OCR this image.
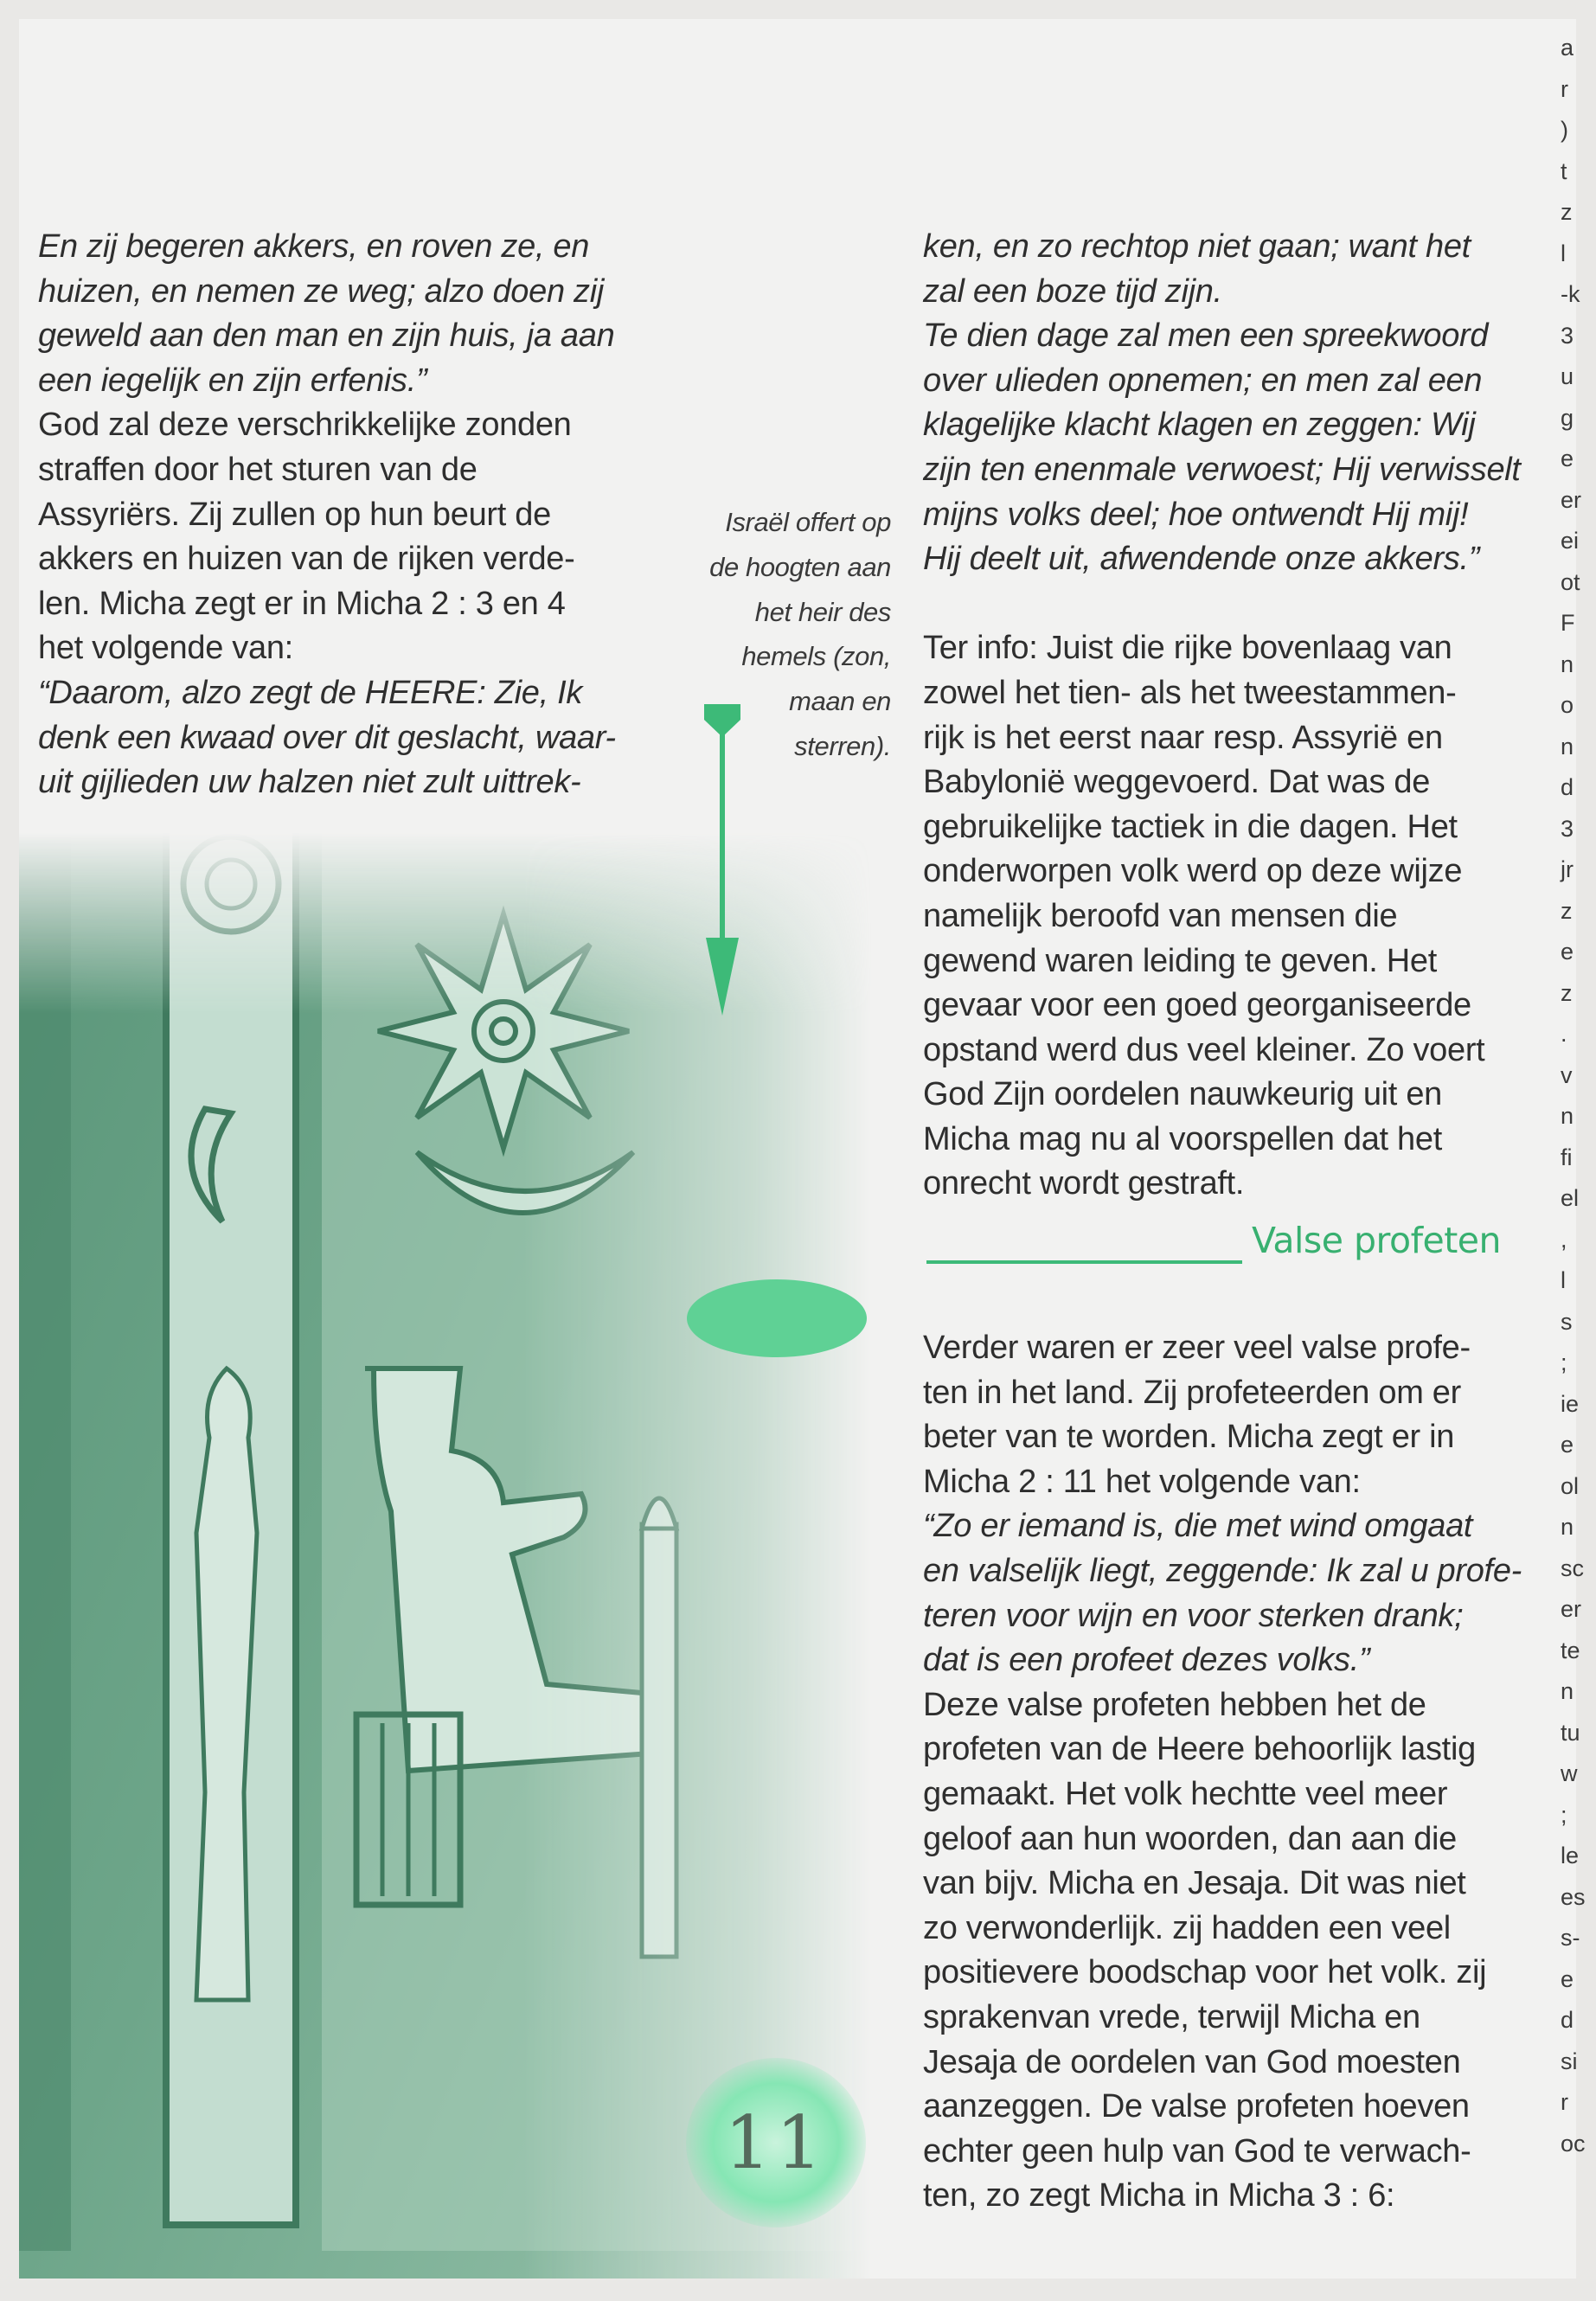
En zij begeren akkers, en roven ze, en
huizen, en nemen ze weg; alzo doen zij
geweld aan den man en zijn huis, ja aan
een iegelijk en zijn erfenis.”

God zal deze verschrikkelijke zonden
straffen door het sturen van de
Assyriërs. Zij zullen op hun beurt de
akkers en huizen van de rijken verde-
len. Micha zegt er in Micha 2 : 3 en 4
het volgende van:

“Daarom, alzo zegt de HEERE: Zie, Ik
denk een kwaad over dit geslacht, waar-
uit gijlieden uw halzen niet zult uittrek-

Israël offert op
de hoogten aan
het heir des
hemels (zon,
maan en
sterren).

ken, en zo rechtop niet gaan; want het
zal een boze tijd zijn.
Te dien dage zal men een spreekwoord
over ulieden opnemen; en men zal een
klagelijke klacht klagen en zeggen: Wij
zijn ten enenmale verwoest; Hij verwisselt
mijns volks deel; hoe ontwendt Hij mij!
Hij deelt uit, afwendende onze akkers.”

Ter info: Juist die rijke bovenlaag van
zowel het tien- als het tweestammen-
rijk is het eerst naar resp. Assyrië en
Babylonië weggevoerd. Dat was de
gebruikelijke tactiek in die dagen. Het
onderworpen volk werd op deze wijze
namelijk beroofd van mensen die
gewend waren leiding te geven. Het
gevaar voor een goed georganiseerde
opstand werd dus veel kleiner. Zo voert
God Zijn oordelen nauwkeurig uit en
Micha mag nu al voorspellen dat het
onrecht wordt gestraft.

Valse profeten

Verder waren er zeer veel valse profe-
ten in het land. Zij profeteerden om er
beter van te worden. Micha zegt er in
Micha 2 : 11 het volgende van:

“Zo er iemand is, die met wind omgaat
en valselijk liegt, zeggende: Ik zal u profe-
teren voor wijn en voor sterken drank;
dat is een profeet dezes volks.”

Deze valse profeten hebben het de
profeten van de Heere behoorlijk lastig
gemaakt. Het volk hechtte veel meer
geloof aan hun woorden, dan aan die
van bijv. Micha en Jesaja. Dit was niet
zo verwonderlijk. zij hadden een veel
positievere boodschap voor het volk. zij
sprakenvan vrede, terwijl Micha en
Jesaja de oordelen van God moesten
aanzeggen. De valse profeten hoeven
echter geen hulp van God te verwach-
ten, zo zegt Micha in Micha 3 : 6:

11
a
r
)
t
z
l
-k
3
u
g
e
er
ei
ot
F
n
o
n
d
3
jr
z
e
z
.
v
n
fi
el
,
l
s
;
ie
e
ol
n
sc
er
te
n
tu
w
;
le
es
s-
e
d
si
r
oc
